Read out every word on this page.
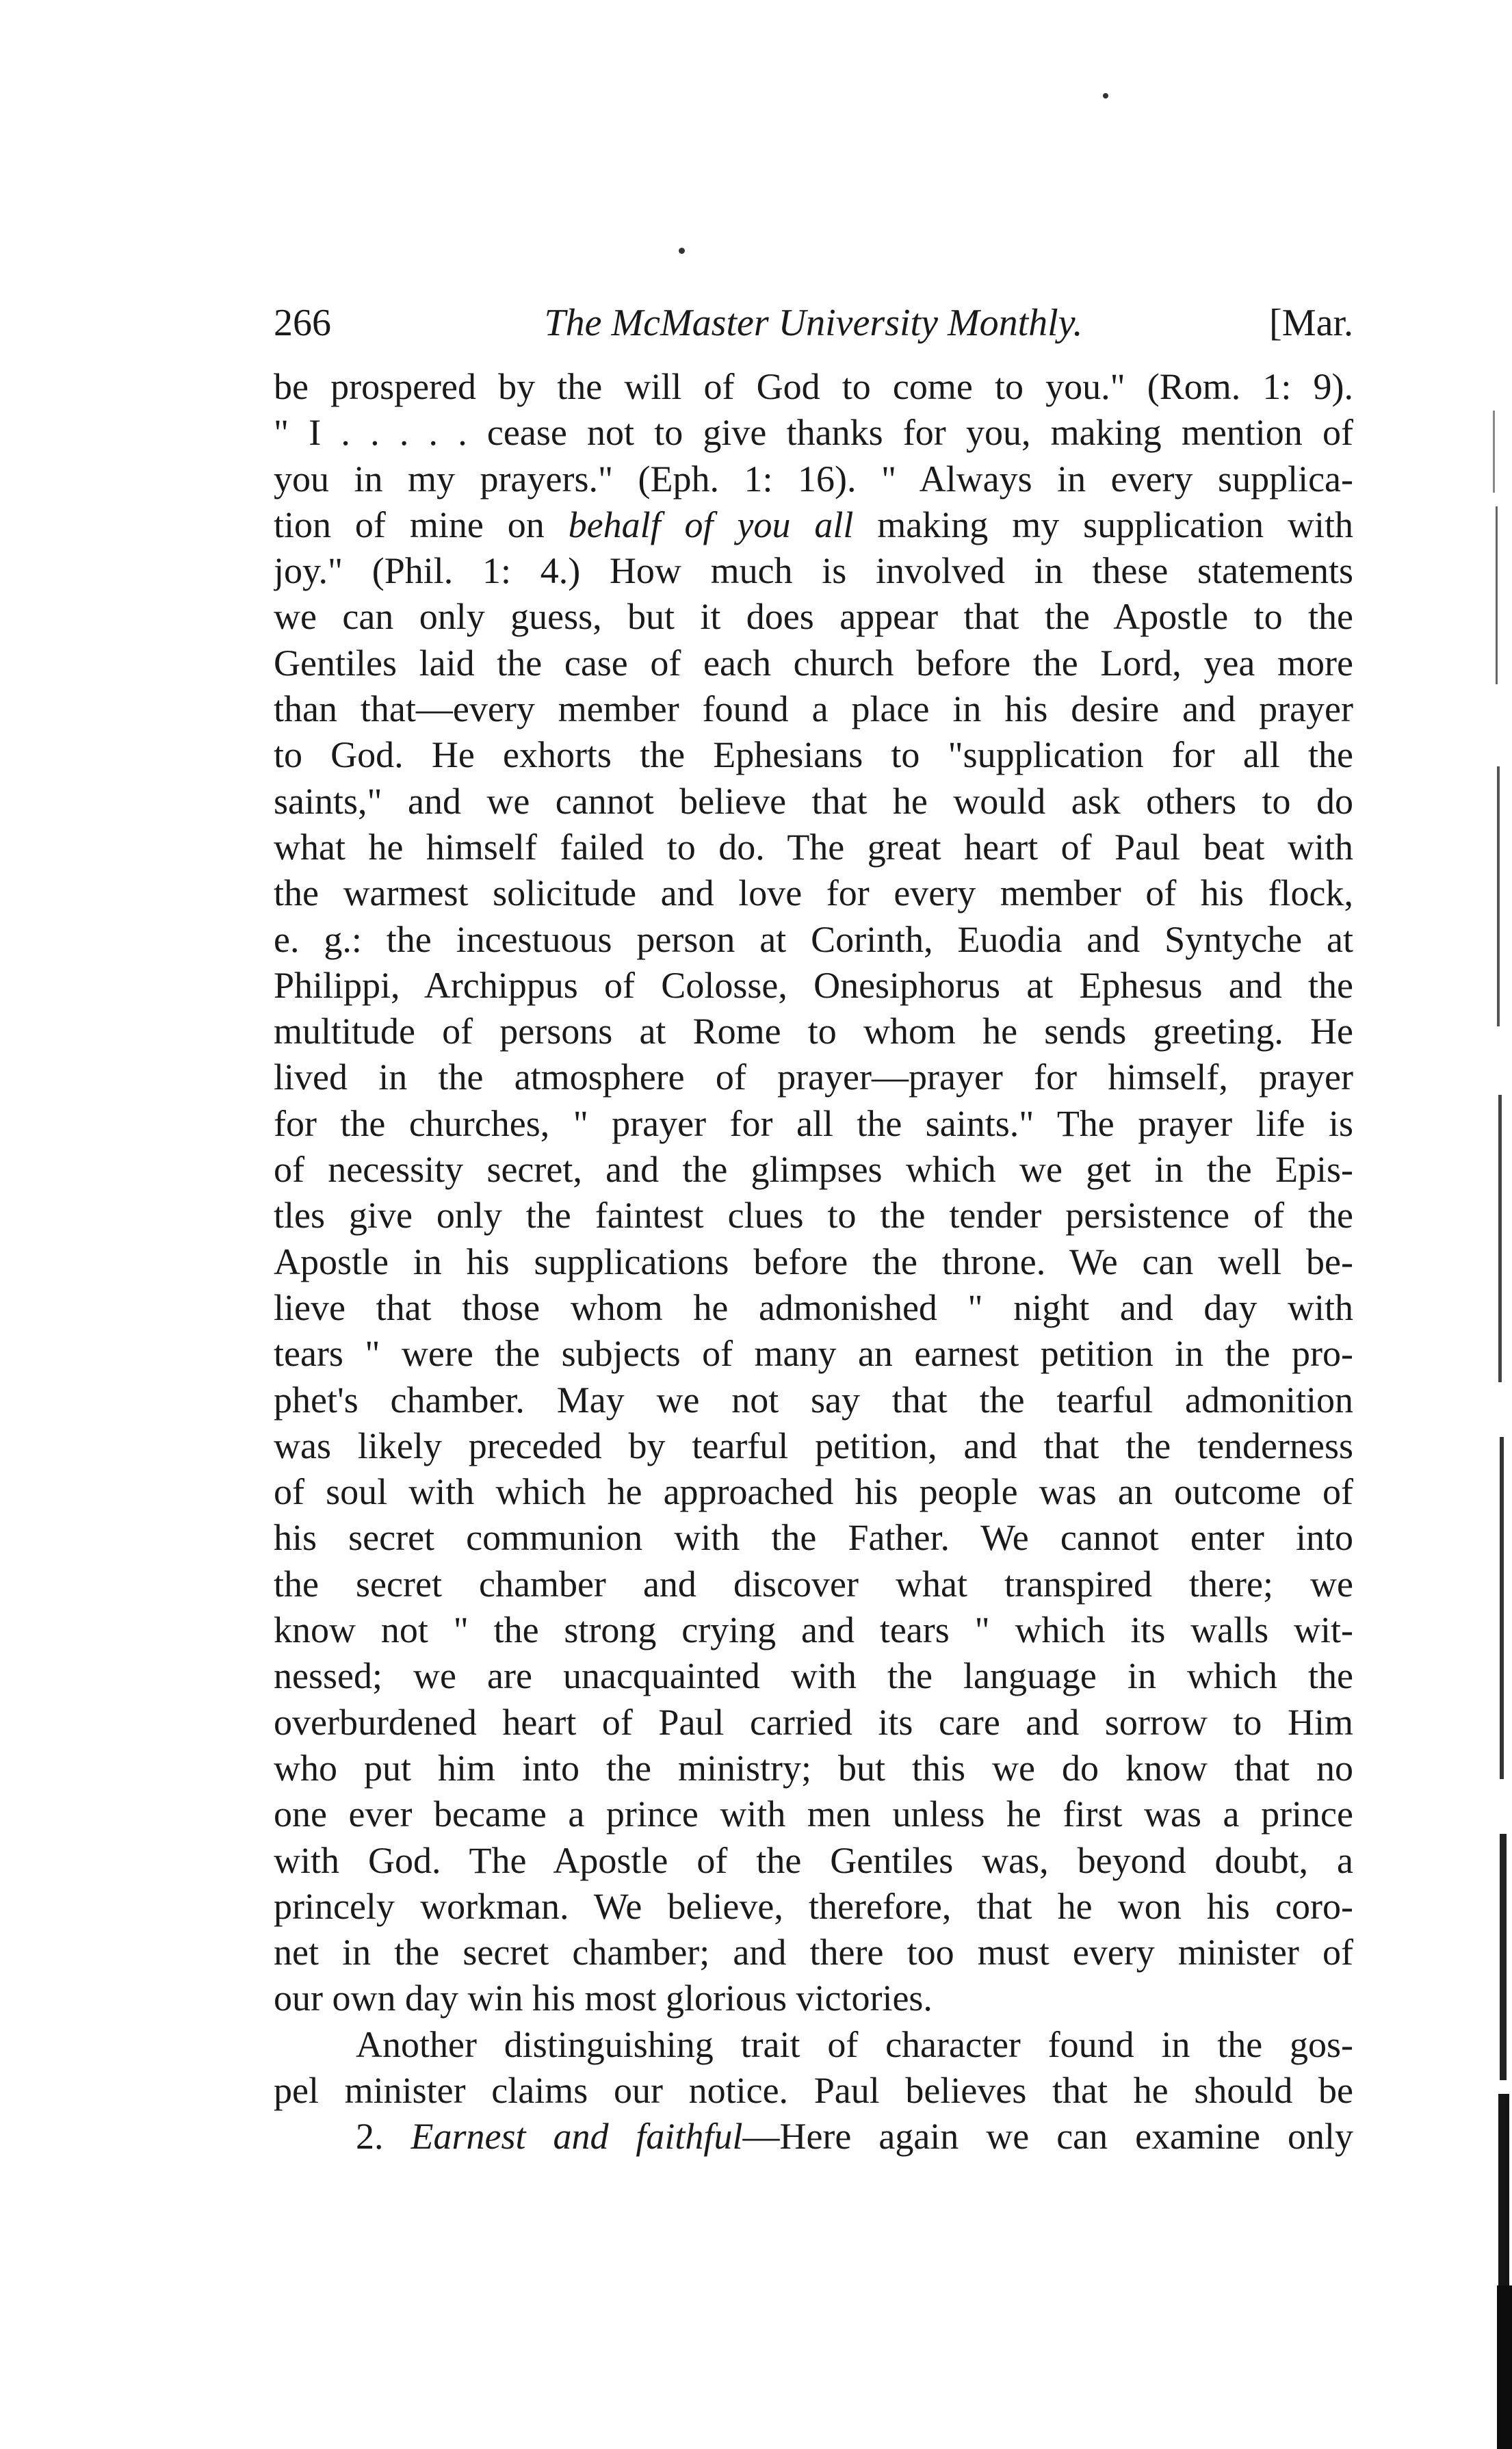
266	The McMaster University Monthly.	[Mar.
be prospered by the will of God to come to you." (Rom. 1: 9).
" I . . . . . cease not to give thanks for you, making mention of
you in my prayers." (Eph. 1: 16). " Always in every supplica-
tion of mine on behalf of you all making my supplication with
joy." (Phil. 1: 4.) How much is involved in these statements
we can only guess, but it does appear that the Apostle to the
Gentiles laid the case of each church before the Lord, yea more
than that—every member found a place in his desire and prayer
to God. He exhorts the Ephesians to "supplication for all the
saints," and we cannot believe that he would ask others to do
what he himself failed to do. The great heart of Paul beat with
the warmest solicitude and love for every member of his flock,
e. g.: the incestuous person at Corinth, Euodia and Syntyche at
Philippi, Archippus of Colosse, Onesiphorus at Ephesus and the
multitude of persons at Rome to whom he sends greeting. He
lived in the atmosphere of prayer—prayer for himself, prayer
for the churches, " prayer for all the saints." The prayer life is
of necessity secret, and the glimpses which we get in the Epis-
tles give only the faintest clues to the tender persistence of the
Apostle in his supplications before the throne. We can well be-
lieve that those whom he admonished " night and day with
tears " were the subjects of many an earnest petition in the pro-
phet's chamber. May we not say that the tearful admonition
was likely preceded by tearful petition, and that the tenderness
of soul with which he approached his people was an outcome of
his secret communion with the Father. We cannot enter into
the secret chamber and discover what transpired there; we
know not " the strong crying and tears " which its walls wit-
nessed; we are unacquainted with the language in which the
overburdened heart of Paul carried its care and sorrow to Him
who put him into the ministry; but this we do know that no
one ever became a prince with men unless he first was a prince
with God. The Apostle of the Gentiles was, beyond doubt, a
princely workman. We believe, therefore, that he won his coro-
net in the secret chamber; and there too must every minister of
our own day win his most glorious victories.
Another distinguishing trait of character found in the gos-
pel minister claims our notice. Paul believes that he should be
2. Earnest and faithful—Here again we can examine only
